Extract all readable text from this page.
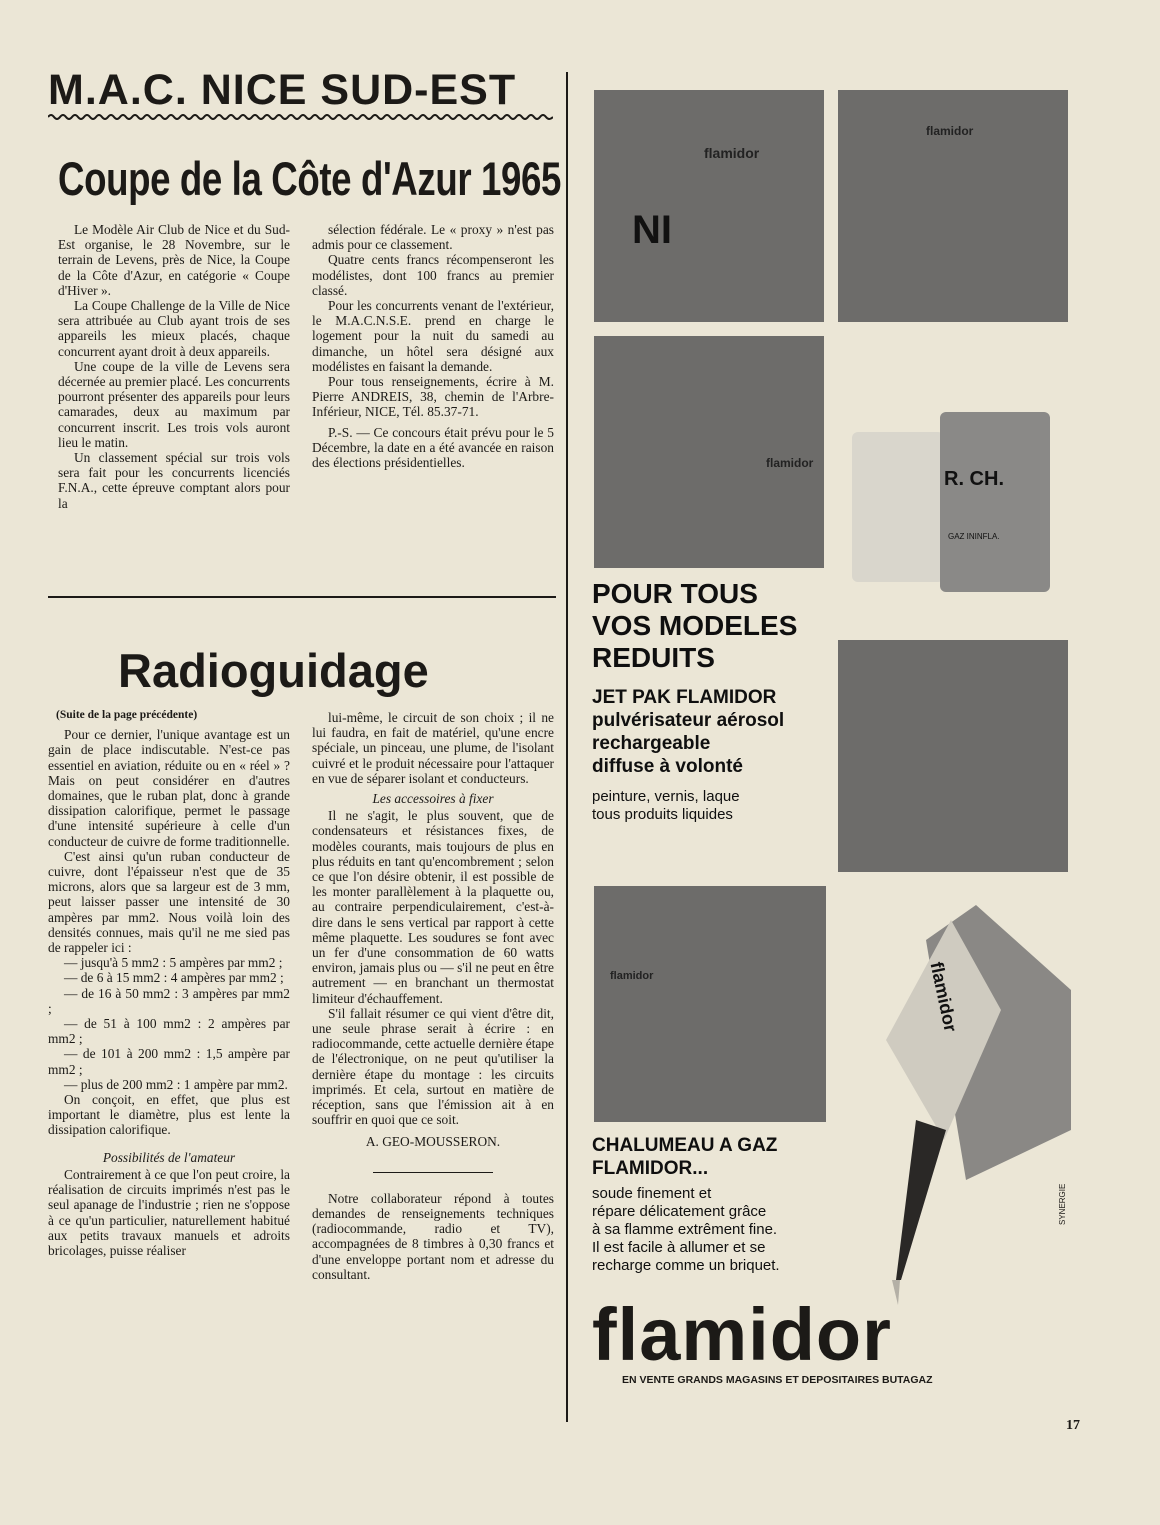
M.A.C. NICE SUD-EST
Coupe de la Côte d'Azur 1965

Le Modèle Air Club de Nice et du Sud-Est organise, le 28 Novembre, sur le terrain de Levens, près de Nice, la Coupe de la Côte d'Azur, en catégorie « Coupe d'Hiver ».

La Coupe Challenge de la Ville de Nice sera attribuée au Club ayant trois de ses appareils les mieux placés, chaque concurrent ayant droit à deux appareils.

Une coupe de la ville de Levens sera décernée au premier placé. Les concurrents pourront présenter des appareils pour leurs camarades, deux au maximum par concurrent inscrit. Les trois vols auront lieu le matin.

Un classement spécial sur trois vols sera fait pour les concurrents licenciés F.N.A., cette épreuve comptant alors pour la

sélection fédérale. Le « proxy » n'est pas admis pour ce classement.

Quatre cents francs récompenseront les modélistes, dont 100 francs au premier classé.

Pour les concurrents venant de l'extérieur, le M.A.C.N.S.E. prend en charge le logement pour la nuit du samedi au dimanche, un hôtel sera désigné aux modélistes en faisant la demande.

Pour tous renseignements, écrire à M. Pierre ANDREIS, 38, chemin de l'Arbre-Inférieur, NICE, Tél. 85.37-71.

P.-S. — Ce concours était prévu pour le 5 Décembre, la date en a été avancée en raison des élections présidentielles.

Radioguidage

(Suite de la page précédente)

Pour ce dernier, l'unique avantage est un gain de place indiscutable. N'est-ce pas essentiel en aviation, réduite ou en « réel » ? Mais on peut considérer en d'autres domaines, que le ruban plat, donc à grande dissipation calorifique, permet le passage d'une intensité supérieure à celle d'un conducteur de cuivre de forme traditionnelle.

C'est ainsi qu'un ruban conducteur de cuivre, dont l'épaisseur n'est que de 35 microns, alors que sa largeur est de 3 mm, peut laisser passer une intensité de 30 ampères par mm2. Nous voilà loin des densités connues, mais qu'il ne me sied pas de rappeler ici :

— jusqu'à 5 mm2 : 5 ampères par mm2 ;

— de 6 à 15 mm2 : 4 ampères par mm2 ;

— de 16 à 50 mm2 : 3 ampères par mm2 ;

— de 51 à 100 mm2 : 2 ampères par mm2 ;

— de 101 à 200 mm2 : 1,5 ampère par mm2 ;

— plus de 200 mm2 : 1 ampère par mm2.

On conçoit, en effet, que plus est important le diamètre, plus est lente la dissipation calorifique.

Possibilités de l'amateur

Contrairement à ce que l'on peut croire, la réalisation de circuits imprimés n'est pas le seul apanage de l'industrie ; rien ne s'oppose à ce qu'un particulier, naturellement habitué aux petits travaux manuels et adroits bricolages, puisse réaliser

lui-même, le circuit de son choix ; il ne lui faudra, en fait de matériel, qu'une encre spéciale, un pinceau, une plume, de l'isolant cuivré et le produit nécessaire pour l'attaquer en vue de séparer isolant et conducteurs.

Les accessoires à fixer

Il ne s'agit, le plus souvent, que de condensateurs et résistances fixes, de modèles courants, mais toujours de plus en plus réduits en tant qu'encombrement ; selon ce que l'on désire obtenir, il est possible de les monter parallèlement à la plaquette ou, au contraire perpendiculairement, c'est-à-dire dans le sens vertical par rapport à cette même plaquette. Les soudures se font avec un fer d'une consommation de 60 watts environ, jamais plus ou — s'il ne peut en être autrement — en branchant un thermostat limiteur d'échauffement.

S'il fallait résumer ce qui vient d'être dit, une seule phrase serait à écrire : en radiocommande, cette actuelle dernière étape de l'électronique, on ne peut qu'utiliser la dernière étape du montage : les circuits imprimés. Et cela, surtout en matière de réception, sans que l'émission ait à en souffrir en quoi que ce soit.

A. GEO-MOUSSERON.

Notre collaborateur répond à toutes demandes de renseignements techniques (radiocommande, radio et TV), accompagnées de 8 timbres à 0,30 francs et d'une enveloppe portant nom et adresse du consultant.

NI
flamidor
flamidor
flamidor
R. CH.
GAZ ININFLA.
POUR TOUS
VOS MODELES
REDUITS
JET PAK FLAMIDOR
pulvérisateur aérosol
rechargeable
diffuse à volonté
peinture, vernis, laque
tous produits liquides
flamidor	flamidor
CHALUMEAU A GAZ
FLAMIDOR...
soude finement et
répare délicatement grâce
à sa flamme extrêment fine.
Il est facile à allumer et se
recharge comme un briquet.
SYNERGIE
flamidor
EN VENTE GRANDS MAGASINS ET DEPOSITAIRES BUTAGAZ
17
